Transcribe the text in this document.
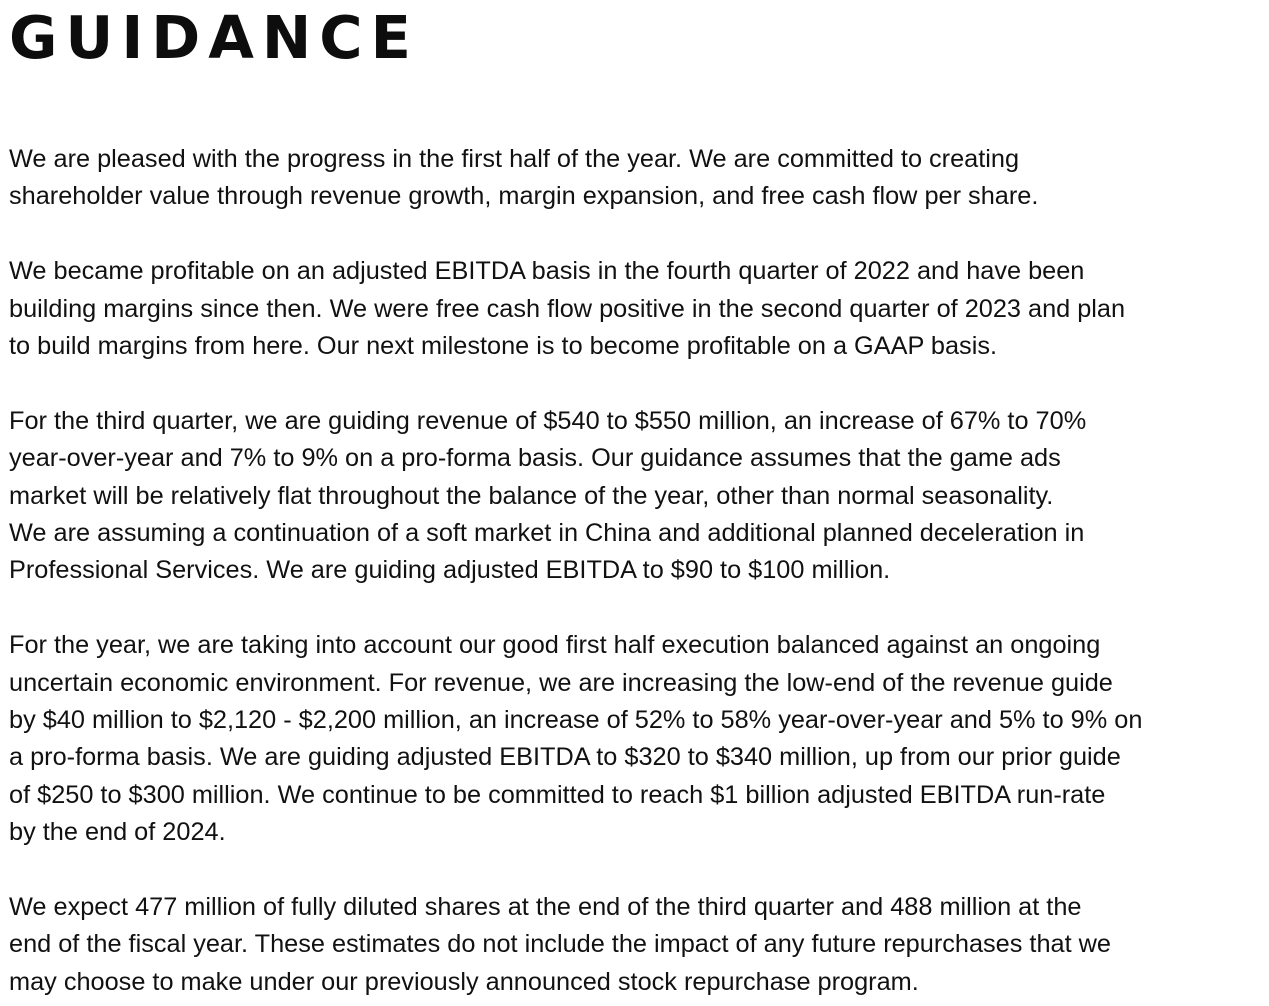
GUIDANCE

We are pleased with the progress in the first half of the year. We are committed to creating
shareholder value through revenue growth, margin expansion, and free cash flow per share.

We became profitable on an adjusted EBITDA basis in the fourth quarter of 2022 and have been
building margins since then. We were free cash flow positive in the second quarter of 2023 and plan
to build margins from here. Our next milestone is to become profitable on a GAAP basis.

For the third quarter, we are guiding revenue of $540 to $550 million, an increase of 67% to 70%
year-over-year and 7% to 9% on a pro-forma basis. Our guidance assumes that the game ads
market will be relatively flat throughout the balance of the year, other than normal seasonality.
We are assuming a continuation of a soft market in China and additional planned deceleration in
Professional Services. We are guiding adjusted EBITDA to $90 to $100 million.

For the year, we are taking into account our good first half execution balanced against an ongoing
uncertain economic environment. For revenue, we are increasing the low-end of the revenue guide
by $40 million to $2,120 - $2,200 million, an increase of 52% to 58% year-over-year and 5% to 9% on
a pro-forma basis. We are guiding adjusted EBITDA to $320 to $340 million, up from our prior guide
of $250 to $300 million. We continue to be committed to reach $1 billion adjusted EBITDA run-rate
by the end of 2024.

We expect 477 million of fully diluted shares at the end of the third quarter and 488 million at the
end of the fiscal year. These estimates do not include the impact of any future repurchases that we
may choose to make under our previously announced stock repurchase program.
